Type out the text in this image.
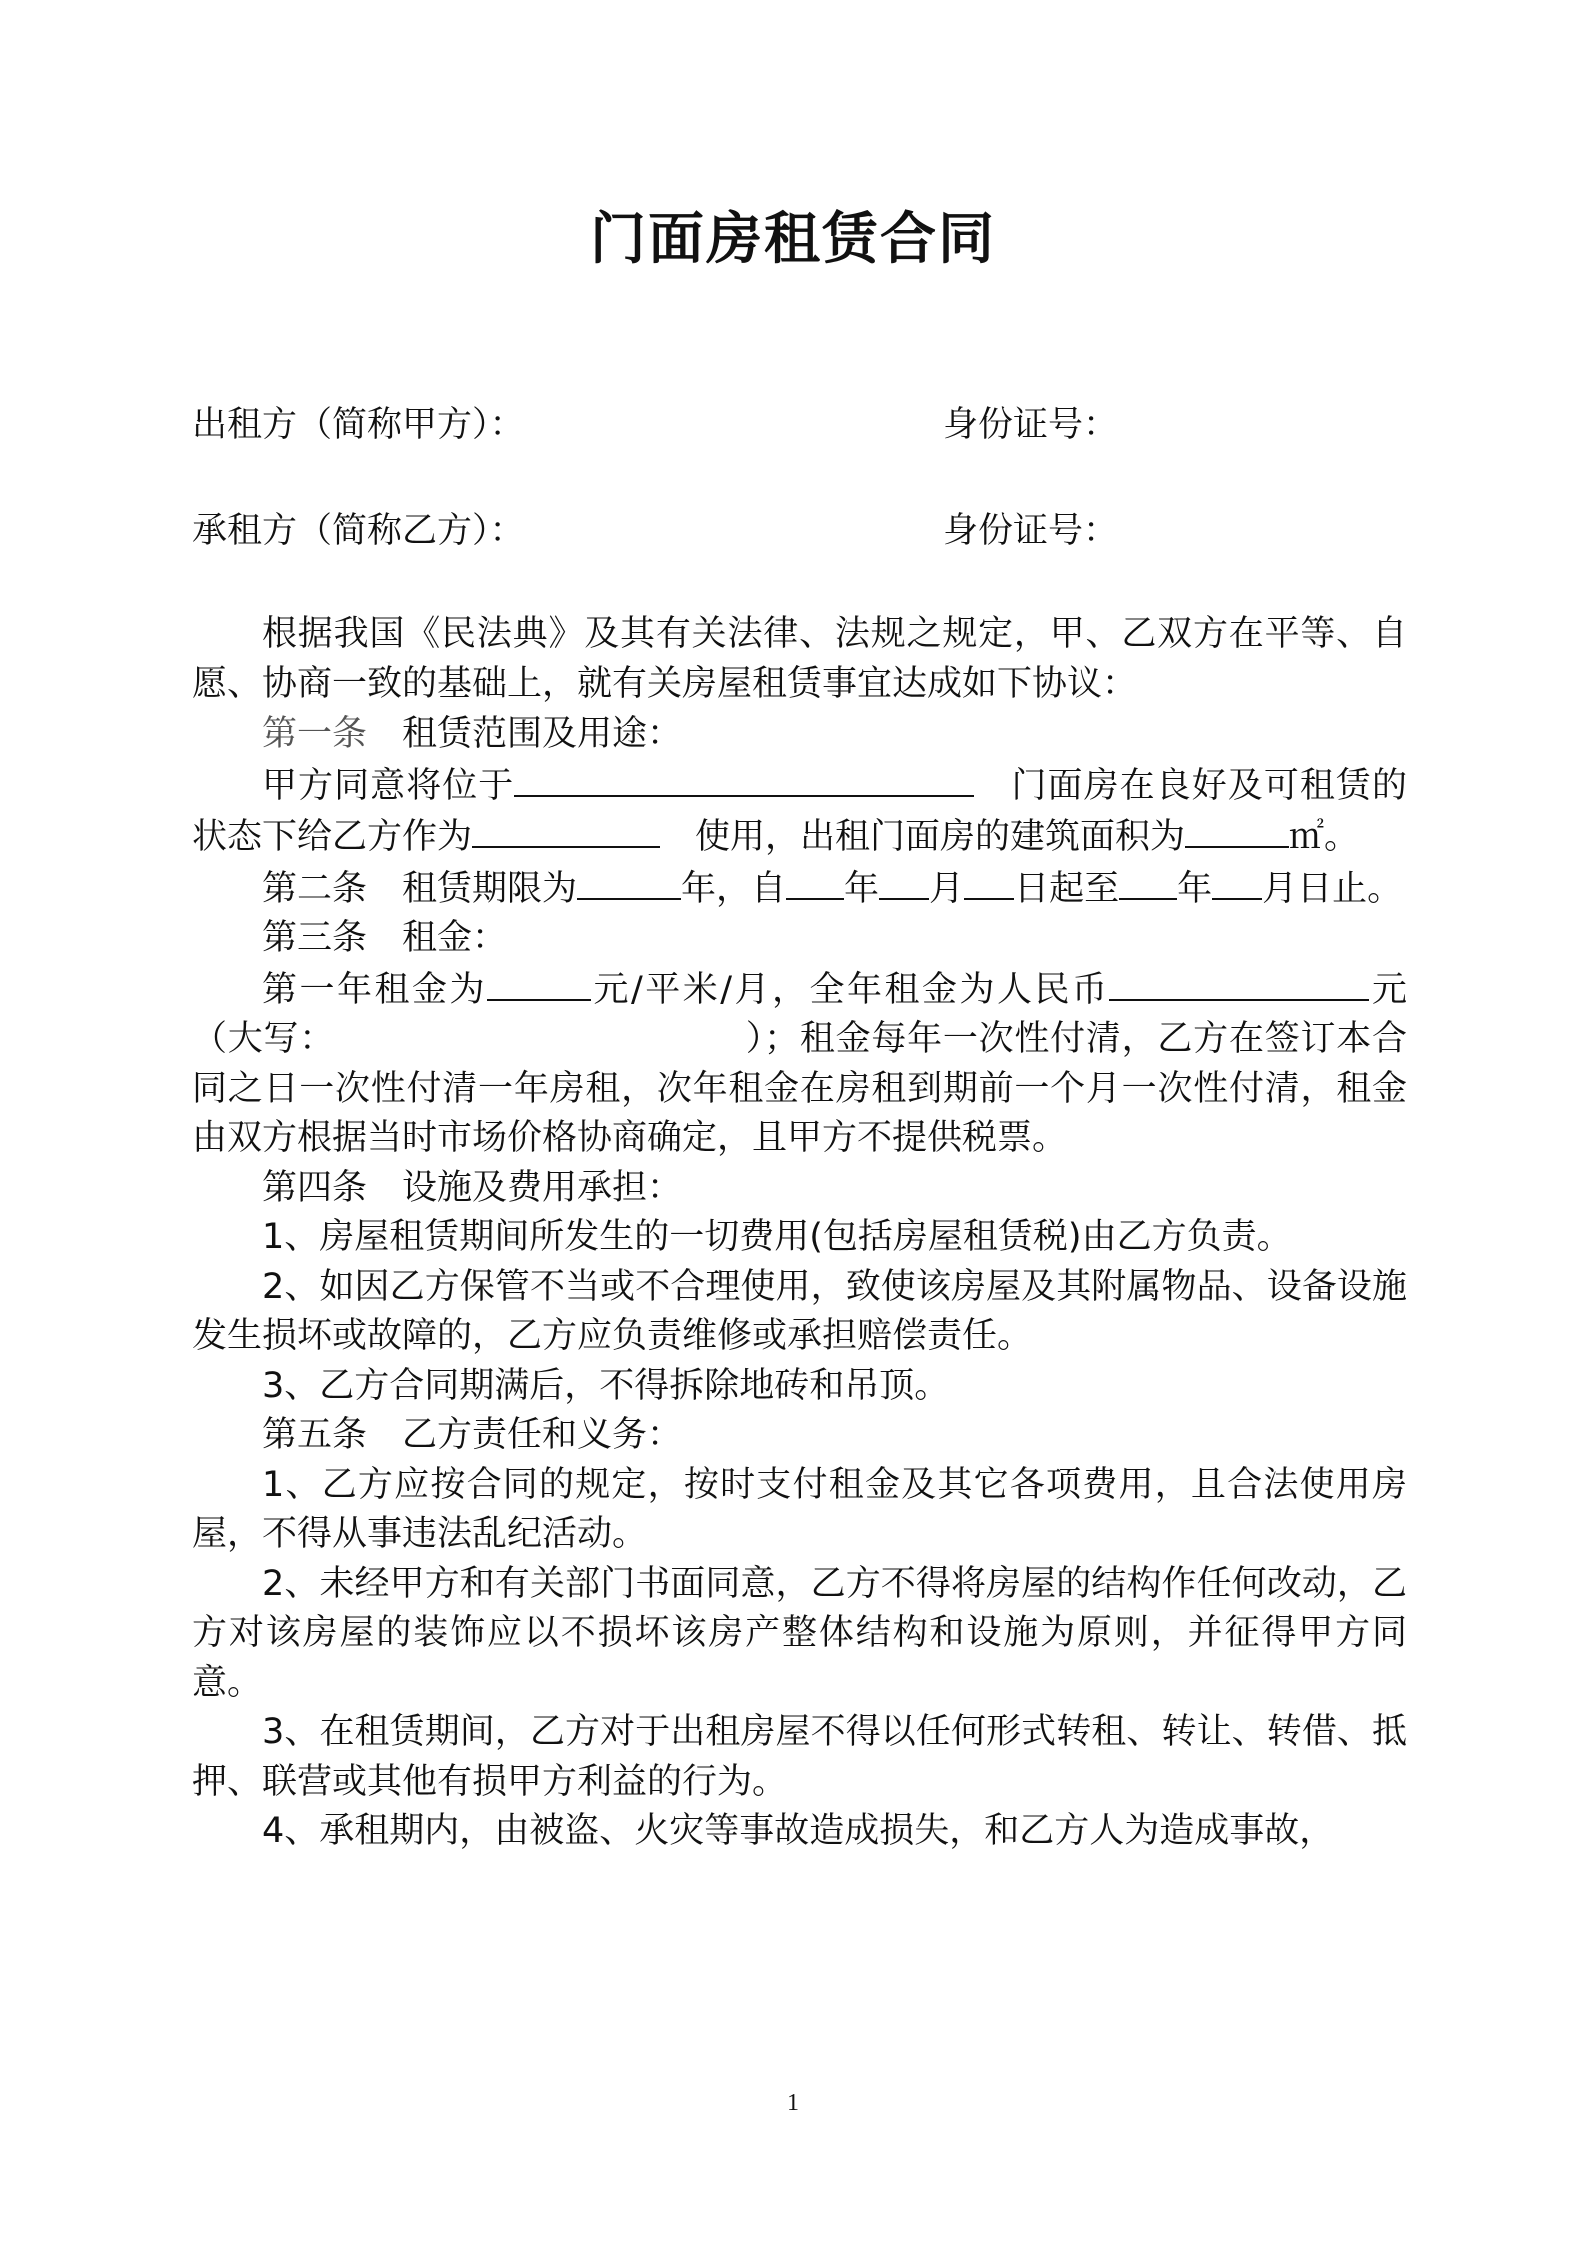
门面房租赁合同
出租方（简称甲方）：	身份证号：
承租方（简称乙方）：	身份证号：

根据我国《民法典》及其有关法律、法规之规定，甲、乙双方在平等、自愿、协商一致的基础上，就有关房屋租赁事宜达成如下协议：

第一条　 租赁范围及用途：

甲方同意将位于　	门面房在良好及可租赁的状态下给乙方作为　	使用，出租门面房的建筑面积为	㎡。

第二条　租赁期限为	年，自 年 月 日起至 年 月日止。

第三条　租金：

第一年租金为	元/平米/月，全年租金为人民币	元（大写：	）；租金每年一次性付清，乙方在签订本合同之日一次性付清一年房租，次年租金在房租到期前一个月一次性付清，租金由双方根据当时市场价格协商确定，且甲方不提供税票。

第四条　设施及费用承担：

1、房屋租赁期间所发生的一切费用(包括房屋租赁税)由乙方负责。

2、如因乙方保管不当或不合理使用，致使该房屋及其附属物品、设备设施发生损坏或故障的，乙方应负责维修或承担赔偿责任。

3、乙方合同期满后，不得拆除地砖和吊顶。

第五条　乙方责任和义务：

1、乙方应按合同的规定，按时支付租金及其它各项费用，且合法使用房屋，不得从事违法乱纪活动。

2、未经甲方和有关部门书面同意，乙方不得将房屋的结构作任何改动，乙方对该房屋的装饰应以不损坏该房产整体结构和设施为原则，并征得甲方同意。

3、在租赁期间，乙方对于出租房屋不得以任何形式转租、转让、转借、抵押、联营或其他有损甲方利益的行为。

4、承租期内，由被盗、火灾等事故造成损失，和乙方人为造成事故，

1
